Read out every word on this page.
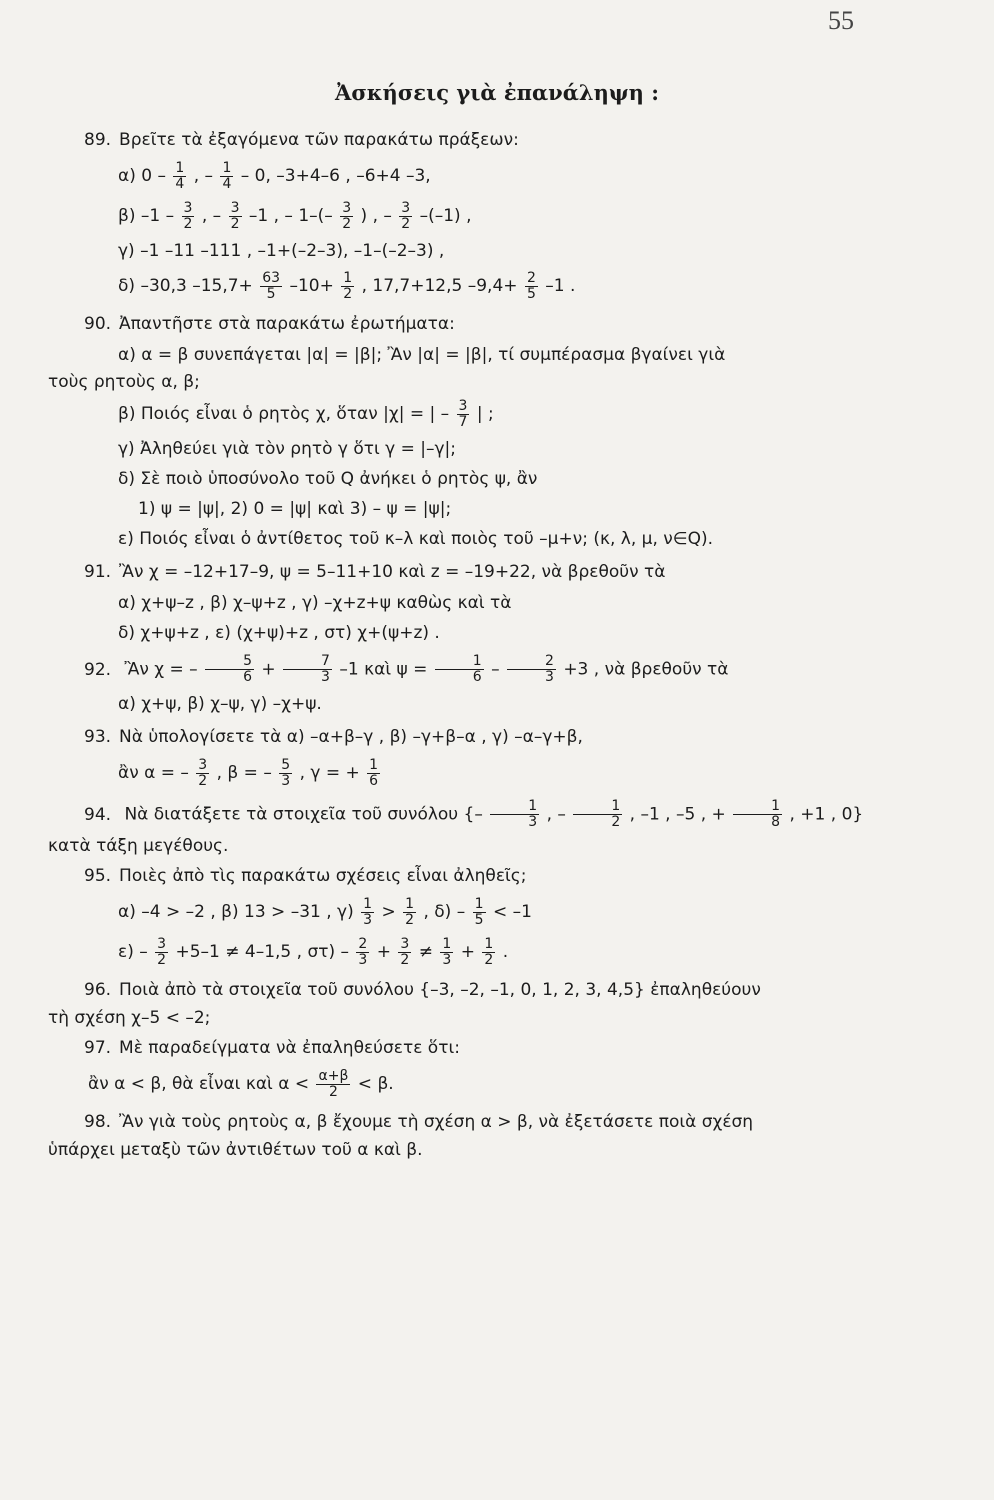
55
Ἀσκήσεις γιὰ ἐπανάληψη :
89. Βρεῖτε τὰ ἐξαγόμενα τῶν παρακάτω πράξεων:
α) $0 - \frac{1}{4}$ , – $\frac{1}{4} - 0$, –3+4–6 , –6+4 –3,
β) $-1 - \frac{3}{2}$ , – $\frac{3}{2} -1$ , – $1-(- \frac{3}{2}$ ) , – $\frac{3}{2} -(-1)$ ,
γ) –1 –11 –111 , –1+(–2–3), –1–(–2–3) ,
δ) –30,3 $-15,7+ \frac{63}{5} -10+ \frac{1}{2}$ , 17,7+12,5 $-9,4+ \frac{2}{5} -1$ .
90. Ἀπαντῆστε στὰ παρακάτω ἐρωτήματα:
α) α = β συνεπάγεται |α| = |β|; Ἂν |α| = |β|, τί συμπέρασμα βγαίνει γιὰ
τοὺς ρητοὺς α, β;
β) Ποιός εἶναι ὁ ρητὸς χ, ὅταν |χ| = | – $\frac{3}{7}$ | ;
γ) Ἀληθεύει γιὰ τὸν ρητὸ γ ὅτι γ = |–γ|;
δ) Σὲ ποιὸ ὑποσύνολο τοῦ Q ἀνήκει ὁ ρητὸς ψ, ἂν
1) ψ = |ψ|, 2) 0 = |ψ| καὶ 3) – ψ = |ψ|;
ε) Ποιός εἶναι ὁ ἀντίθετος τοῦ κ–λ καὶ ποιὸς τοῦ –μ+ν; (κ, λ, μ, ν∈Q).
91. Ἂν χ = –12+17–9, ψ = 5–11+10 καὶ z = –19+22, νὰ βρεθοῦν τὰ
α) χ+ψ–z , β) χ–ψ+z , γ) –χ+z+ψ καθὼς καὶ τὰ
δ) χ+ψ+z , ε) (χ+ψ)+z , στ) χ+(ψ+z) .
92. Ἂν χ = – $\frac{5}{6} + \frac{7}{3} -1$ καὶ $\psi = \frac{1}{6} - \frac{2}{3} +3$ , νὰ βρεθοῦν τὰ
α) χ+ψ, β) χ–ψ, γ) –χ+ψ.
93. Νὰ ὑπολογίσετε τὰ α) –α+β–γ , β) –γ+β–α , γ) –α–γ+β,
ἂν α = – $\frac{3}{2}$ , β = – $\frac{5}{3}$ , γ = + $\frac{1}{6}$
94. Νὰ διατάξετε τὰ στοιχεῖα τοῦ συνόλου {– $\frac{1}{3}$ , – $\frac{1}{2}$ , –1 , –5 , + $\frac{1}{8}$ , +1 , 0}
κατὰ τάξη μεγέθους.
95. Ποιὲς ἀπὸ τὶς παρακάτω σχέσεις εἶναι ἀληθεῖς;
α) –4 > –2 , β) 13 > –31 , $\gamma) \frac{1}{3} > \frac{1}{2}$ , $\delta) - \frac{1}{5} < -1$
$\varepsilon) - \frac{3}{2} +5-1 \ne 4-1,5$ , $\sigma\tau) - \frac{2}{3} + \frac{3}{2} \ne \frac{1}{3} + \frac{1}{2}$ .
96. Ποιὰ ἀπὸ τὰ στοιχεῖα τοῦ συνόλου {–3, –2, –1, 0, 1, 2, 3, 4,5} ἐπαληθεύουν
τὴ σχέση χ–5 < –2;
97. Μὲ παραδείγματα νὰ ἐπαληθεύσετε ὅτι:
ἂν α < β, θὰ εἶναι καὶ $\alpha < \frac{\alpha+\beta}{2} < \beta$.
98. Ἂν γιὰ τοὺς ρητοὺς α, β ἔχουμε τὴ σχέση α > β, νὰ ἐξετάσετε ποιὰ σχέση
ὑπάρχει μεταξὺ τῶν ἀντιθέτων τοῦ α καὶ β.
